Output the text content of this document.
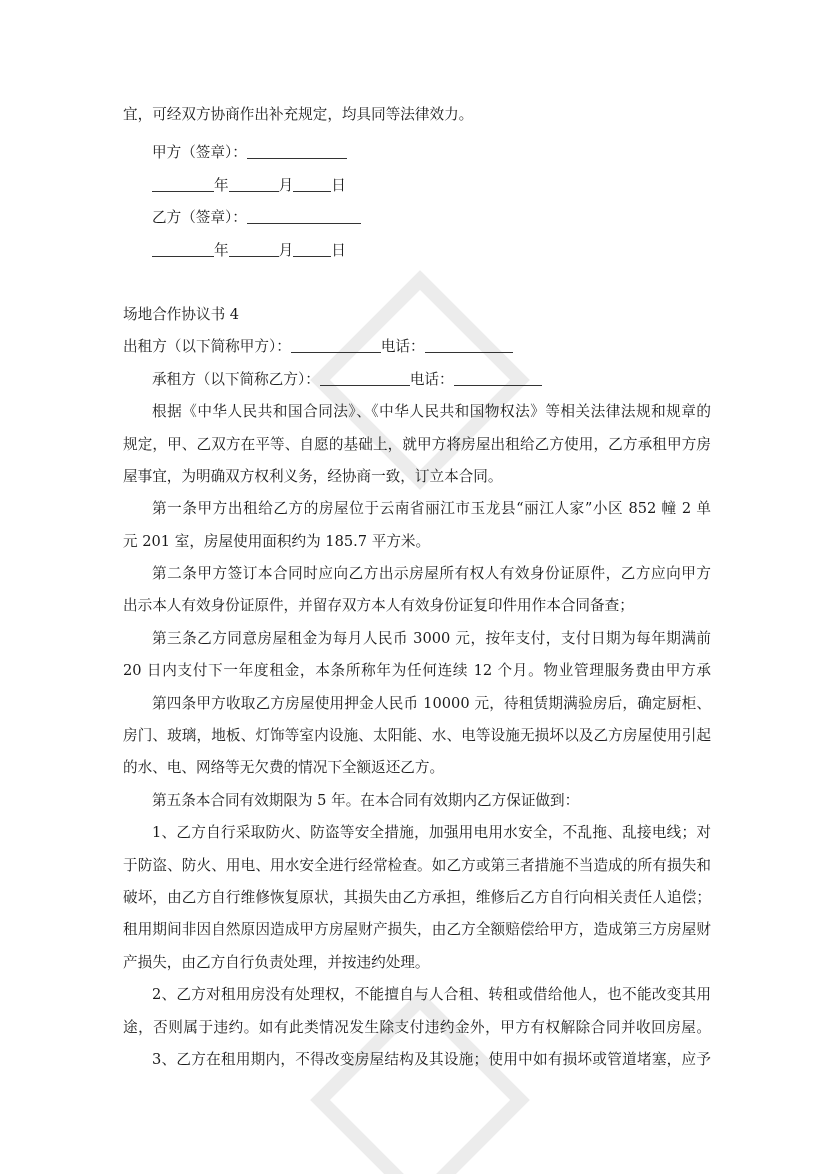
宜，可经双方协商作出补充规定，均具同等法律效力。
甲方（签章）：
年	月	日
乙方（签章）：
年	月	日
场地合作协议书 4
出租方（以下简称甲方）：	电话：
承租方（以下简称乙方）：	电话：
根据《中华人民共和国合同法》、《中华人民共和国物权法》等相关法律法规和规章的
规定，甲、乙双方在平等、自愿的基础上，就甲方将房屋出租给乙方使用，乙方承租甲方房
屋事宜，为明确双方权利义务，经协商一致，订立本合同。
第一条甲方出租给乙方的房屋位于云南省丽江市玉龙县“丽江人家”小区 852 幢 2 单
元 201 室，房屋使用面积约为 185.7 平方米。
第二条甲方签订本合同时应向乙方出示房屋所有权人有效身份证原件，乙方应向甲方
出示本人有效身份证原件，并留存双方本人有效身份证复印件用作本合同备查；
第三条乙方同意房屋租金为每月人民币 3000 元，按年支付，支付日期为每年期满前
20 日内支付下一年度租金，本条所称年为任何连续 12 个月。物业管理服务费由甲方承
第四条甲方收取乙方房屋使用押金人民币 10000 元，待租赁期满验房后，确定厨柜、
房门、玻璃，地板、灯饰等室内设施、太阳能、水、电等设施无损坏以及乙方房屋使用引起
的水、电、网络等无欠费的情况下全额返还乙方。
第五条本合同有效期限为 5 年。在本合同有效期内乙方保证做到：
1、乙方自行采取防火、防盗等安全措施，加强用电用水安全，不乱拖、乱接电线；对
于防盗、防火、用电、用水安全进行经常检查。如乙方或第三者措施不当造成的所有损失和
破坏，由乙方自行维修恢复原状，其损失由乙方承担，维修后乙方自行向相关责任人追偿；
租用期间非因自然原因造成甲方房屋财产损失，由乙方全额赔偿给甲方，造成第三方房屋财
产损失，由乙方自行负责处理，并按违约处理。
2、乙方对租用房没有处理权，不能擅自与人合租、转租或借给他人，也不能改变其用
途，否则属于违约。如有此类情况发生除支付违约金外，甲方有权解除合同并收回房屋。
3、乙方在租用期内，不得改变房屋结构及其设施；使用中如有损坏或管道堵塞，应予
